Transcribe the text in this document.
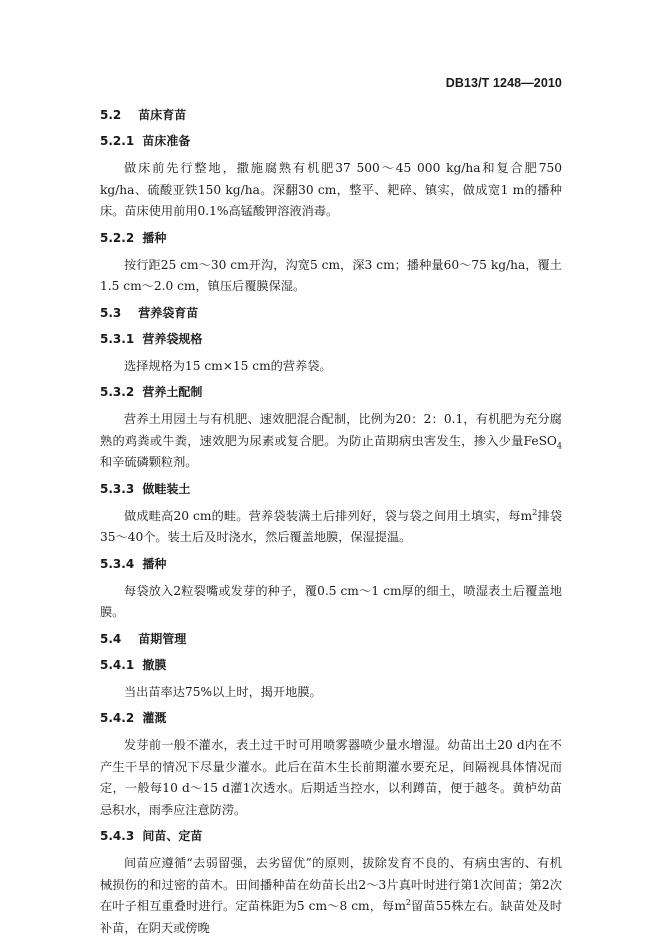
DB13/T 1248—2010
5.2 苗床育苗
5.2.1 苗床准备

做床前先行整地，撒施腐熟有机肥37 500～45 000 kg/ha和复合肥750 kg/ha、硫酸亚铁150 kg/ha。深翻30 cm，整平、耙碎、镇实，做成宽1 m的播种床。苗床使用前用0.1%高锰酸钾溶液消毒。

5.2.2 播种

按行距25 cm～30 cm开沟，沟宽5 cm，深3 cm；播种量60～75 kg/ha，覆土1.5 cm～2.0 cm，镇压后覆膜保湿。

5.3 营养袋育苗
5.3.1 营养袋规格

选择规格为15 cm×15 cm的营养袋。

5.3.2 营养土配制

营养土用园土与有机肥、速效肥混合配制，比例为20：2：0.1，有机肥为充分腐熟的鸡粪或牛粪，速效肥为尿素或复合肥。为防止苗期病虫害发生，掺入少量FeSO$_4$和辛硫磷颗粒剂。

5.3.3 做畦装土

做成畦高20 cm的畦。营养袋装满土后排列好，袋与袋之间用土填实，每$m^2$排袋35～40个。装土后及时浇水，然后覆盖地膜，保湿提温。

5.3.4 播种

每袋放入2粒裂嘴或发芽的种子，覆0.5 cm～1 cm厚的细土，喷湿表土后覆盖地膜。

5.4 苗期管理
5.4.1 撤膜

当出苗率达75%以上时，揭开地膜。

5.4.2 灌溉

发芽前一般不灌水，表土过干时可用喷雾器喷少量水增湿。幼苗出土20 d内在不产生干旱的情况下尽量少灌水。此后在苗木生长前期灌水要充足，间隔视具体情况而定，一般每10 d～15 d灌1次透水。后期适当控水，以利蹲苗，便于越冬。黄栌幼苗忌积水，雨季应注意防涝。

5.4.3 间苗、定苗

间苗应遵循“去弱留强，去劣留优”的原则，拔除发育不良的、有病虫害的、有机械损伤的和过密的苗木。田间播种苗在幼苗长出2～3片真叶时进行第1次间苗；第2次在叶子相互重叠时进行。定苗株距为5 cm～8 cm，每$m^2$留苗55株左右。缺苗处及时补苗，在阴天或傍晚
